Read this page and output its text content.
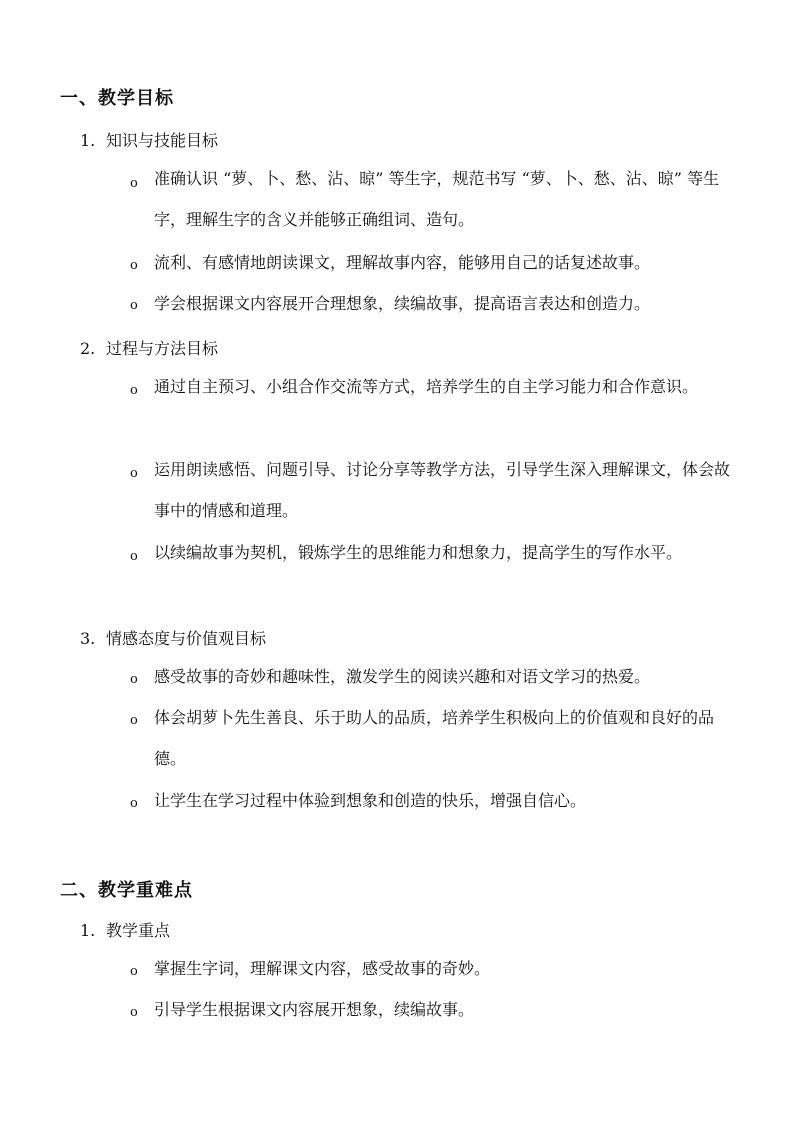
一、教学目标
1. 知识与技能目标
o	准确认识 “萝、卜、愁、沾、晾” 等生字，规范书写 “萝、卜、愁、沾、晾” 等生字，理解生字的含义并能够正确组词、造句。
o	流利、有感情地朗读课文，理解故事内容，能够用自己的话复述故事。
o	学会根据课文内容展开合理想象，续编故事，提高语言表达和创造力。
2. 过程与方法目标
o	通过自主预习、小组合作交流等方式，培养学生的自主学习能力和合作意识。
o	运用朗读感悟、问题引导、讨论分享等教学方法，引导学生深入理解课文，体会故事中的情感和道理。
o	以续编故事为契机，锻炼学生的思维能力和想象力，提高学生的写作水平。
3. 情感态度与价值观目标
o	感受故事的奇妙和趣味性，激发学生的阅读兴趣和对语文学习的热爱。
o	体会胡萝卜先生善良、乐于助人的品质，培养学生积极向上的价值观和良好的品德。
o	让学生在学习过程中体验到想象和创造的快乐，增强自信心。
二、教学重难点
1. 教学重点
o	掌握生字词，理解课文内容，感受故事的奇妙。
o	引导学生根据课文内容展开想象，续编故事。
